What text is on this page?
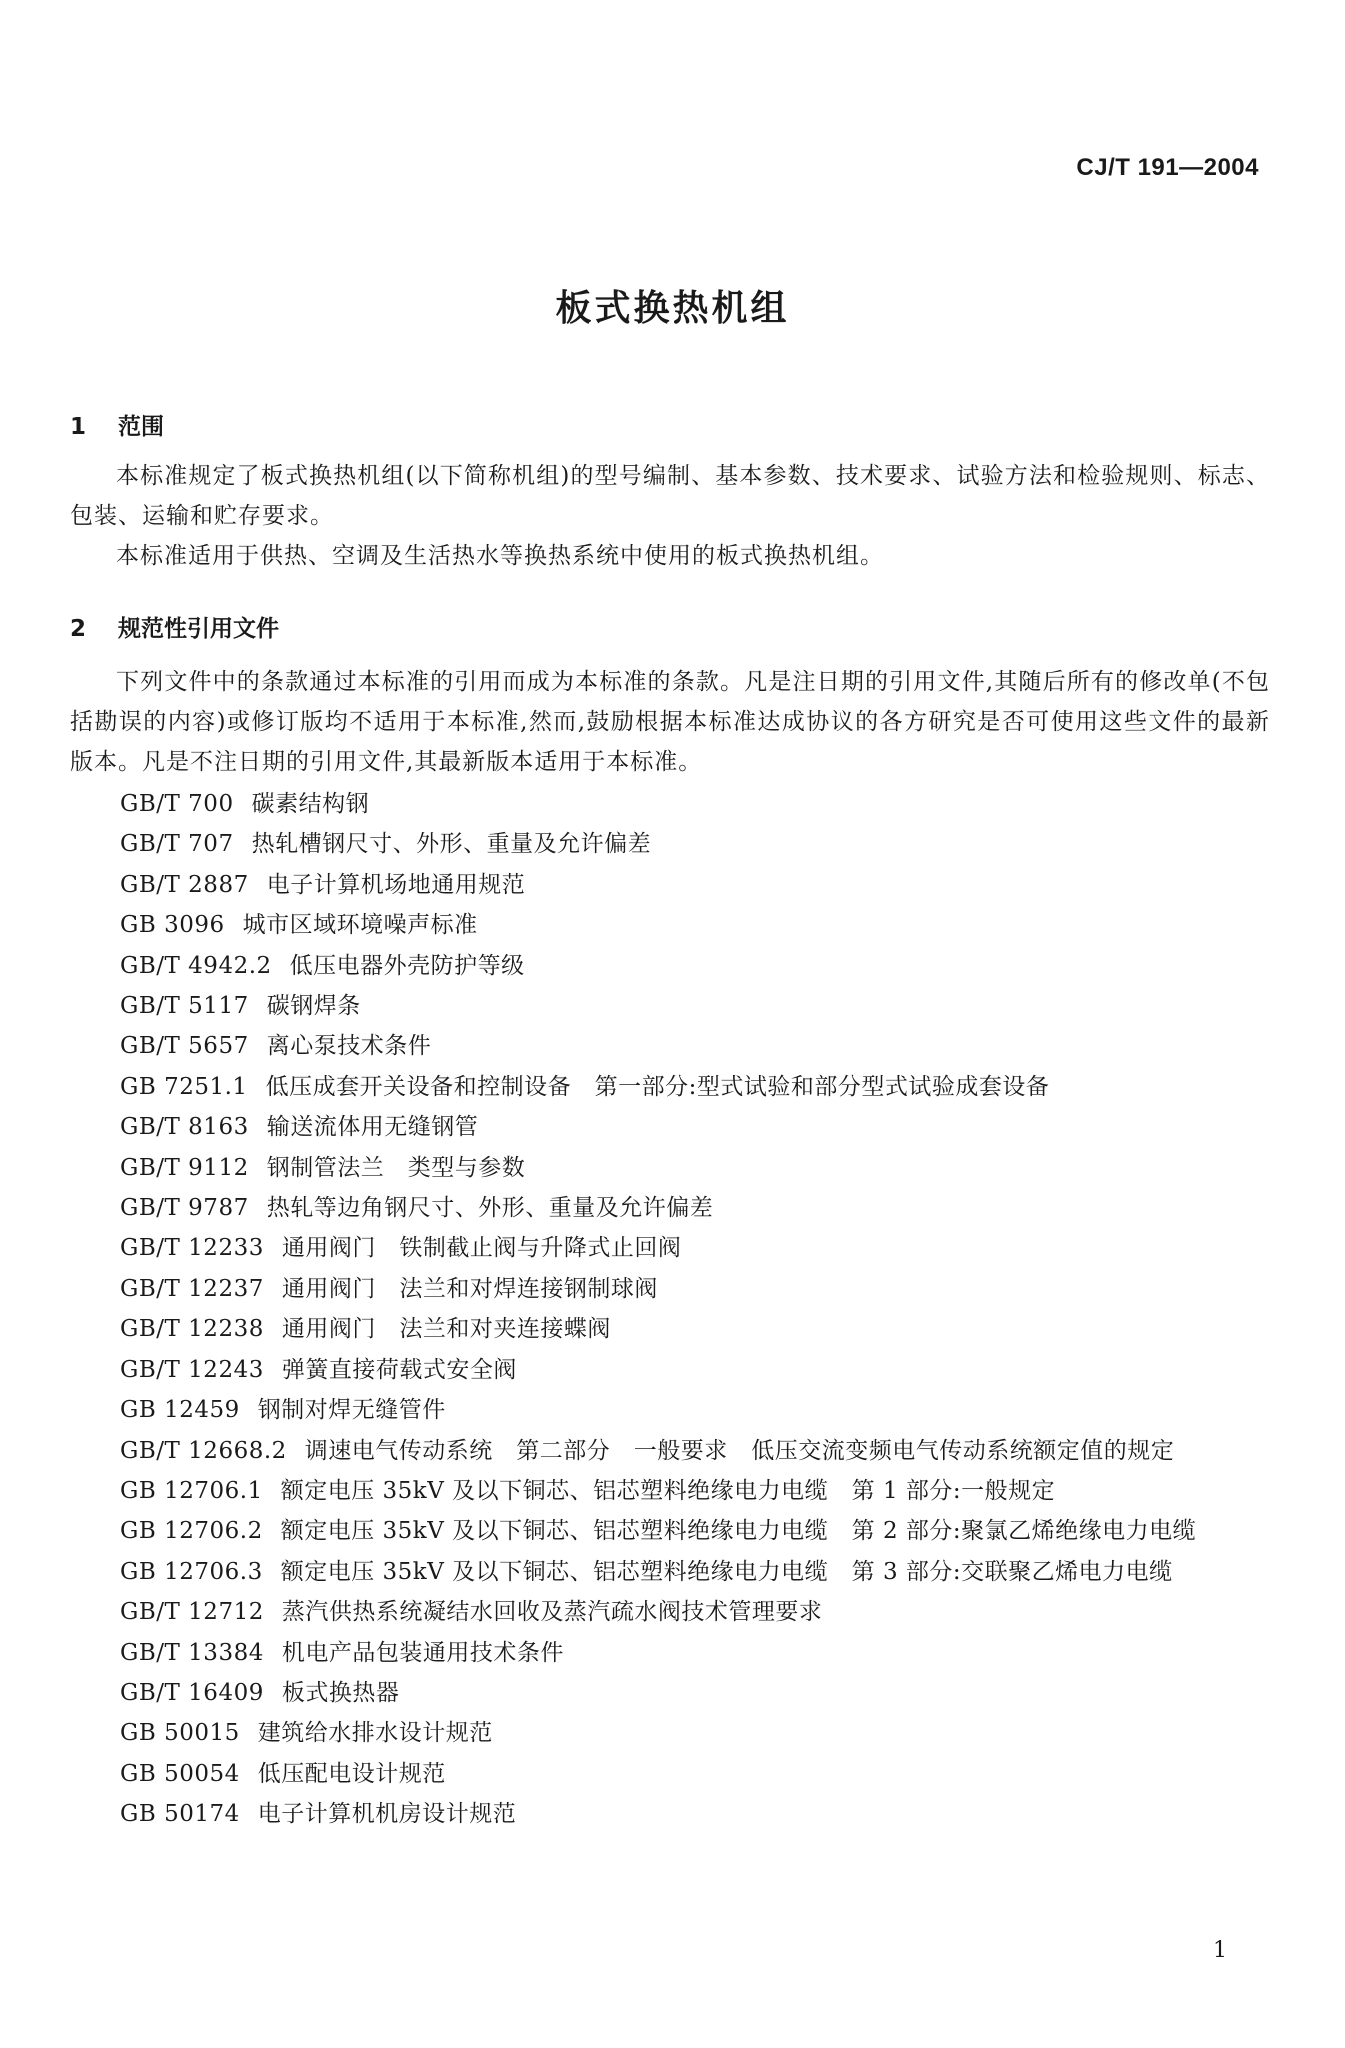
CJ/T 191—2004
板式换热机组
1 范围

本标准规定了板式换热机组(以下简称机组)的型号编制、基本参数、技术要求、试验方法和检验规则、标志、包装、运输和贮存要求。

本标准适用于供热、空调及生活热水等换热系统中使用的板式换热机组。

2 规范性引用文件

下列文件中的条款通过本标准的引用而成为本标准的条款。凡是注日期的引用文件,其随后所有的修改单(不包括勘误的内容)或修订版均不适用于本标准,然而,鼓励根据本标准达成协议的各方研究是否可使用这些文件的最新版本。凡是不注日期的引用文件,其最新版本适用于本标准。

GB/T 700 碳素结构钢
GB/T 707 热轧槽钢尺寸、外形、重量及允许偏差
GB/T 2887 电子计算机场地通用规范
GB 3096 城市区域环境噪声标准
GB/T 4942.2 低压电器外壳防护等级
GB/T 5117 碳钢焊条
GB/T 5657 离心泵技术条件
GB 7251.1 低压成套开关设备和控制设备　第一部分:型式试验和部分型式试验成套设备
GB/T 8163 输送流体用无缝钢管
GB/T 9112 钢制管法兰　类型与参数
GB/T 9787 热轧等边角钢尺寸、外形、重量及允许偏差
GB/T 12233 通用阀门　铁制截止阀与升降式止回阀
GB/T 12237 通用阀门　法兰和对焊连接钢制球阀
GB/T 12238 通用阀门　法兰和对夹连接蝶阀
GB/T 12243 弹簧直接荷载式安全阀
GB 12459 钢制对焊无缝管件
GB/T 12668.2 调速电气传动系统　第二部分　一般要求　低压交流变频电气传动系统额定值的规定
GB 12706.1 额定电压 35kV 及以下铜芯、铝芯塑料绝缘电力电缆　第 1 部分:一般规定
GB 12706.2 额定电压 35kV 及以下铜芯、铝芯塑料绝缘电力电缆　第 2 部分:聚氯乙烯绝缘电力电缆
GB 12706.3 额定电压 35kV 及以下铜芯、铝芯塑料绝缘电力电缆　第 3 部分:交联聚乙烯电力电缆
GB/T 12712 蒸汽供热系统凝结水回收及蒸汽疏水阀技术管理要求
GB/T 13384 机电产品包装通用技术条件
GB/T 16409 板式换热器
GB 50015 建筑给水排水设计规范
GB 50054 低压配电设计规范
GB 50174 电子计算机机房设计规范
1
